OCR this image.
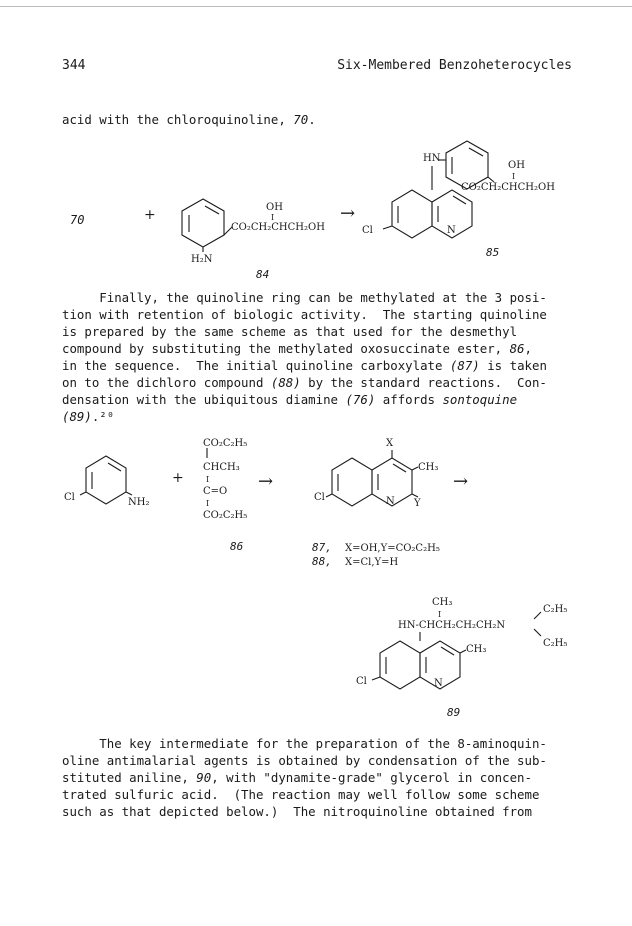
344	Six-Membered Benzoheterocycles

acid with the chloroquinoline, 70.

70	+	OH
I
CO₂CH₂CHCH₂OH
H₂N
84
→
HN
OH
I
CO₂CH₂CHCH₂OH
Cl	N
85

Finally, the quinoline ring can be methylated at the 3 posi-
tion with retention of biologic activity.  The starting quinoline
is prepared by the same scheme as that used for the desmethyl
compound by substituting the methylated oxosuccinate ester, 86,
in the sequence.  The initial quinoline carboxylate (87) is taken
on to the dichloro compound (88) by the standard reactions.  Con-
densation with the ubiquitous diamine (76) affords sontoquine
(89).²⁰

Cl	NH₂
+
CO₂C₂H₅
CHCH₃
I
C=O
I
CO₂C₂H₅
86
→
X
CH₃
Cl	N Y
→
87, X=OH,Y=CO₂C₂H₅
88, X=Cl,Y=H
CH₃
I
HN-CHCH₂CH₂CH₂N
C₂H₅
C₂H₅
CH₃
Cl	N
89

The key intermediate for the preparation of the 8-aminoquin-
oline antimalarial agents is obtained by condensation of the sub-
stituted aniline, 90, with "dynamite-grade" glycerol in concen-
trated sulfuric acid.  (The reaction may well follow some scheme
such as that depicted below.)  The nitroquinoline obtained from
